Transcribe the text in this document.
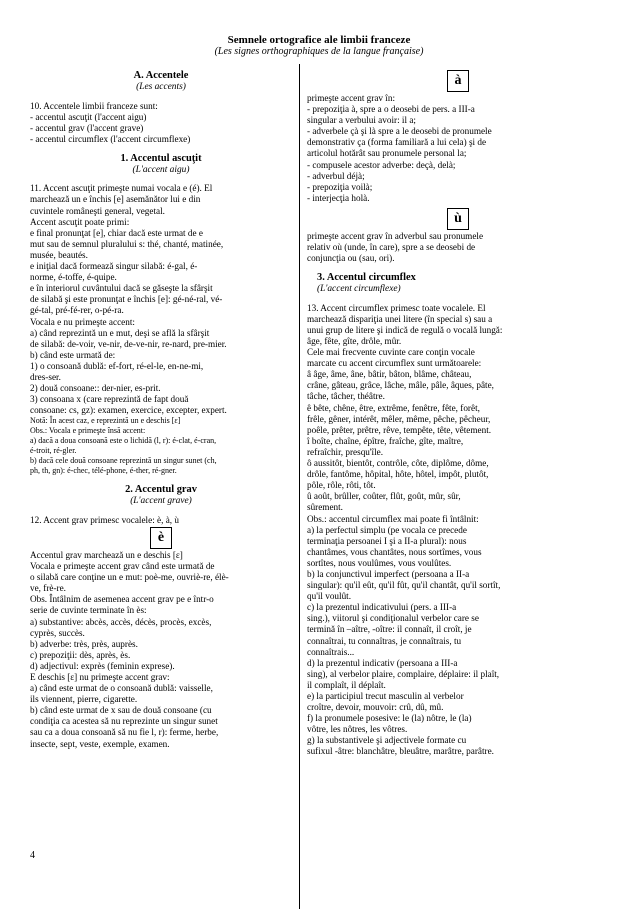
Semnele ortografice ale limbii franceze
(Les signes orthographiques de la langue française)
A. Accentele
(Les accents)
10. Accentele limbii franceze sunt:
- accentul ascuţit (l'accent aigu)
- accentul grav (l'accent grave)
- accentul circumflex (l'accent circumflexe)
1. Accentul ascuţit
(L'accent aigu)
11. Accent ascuţit primeşte numai vocala e (é). El
marchează un e închis [e] asemănător lui e din
cuvintele româneşti general, vegetal.
Accent ascuţit poate primi:
e final pronunţat [e], chiar dacă este urmat de e
mut sau de semnul pluralului s: thé, chanté, matinée,
musée, beautés.
e iniţial dacă formează singur silabă: é-gal, é-
norme, é-toffe, é-quipe.
e în interiorul cuvântului dacă se găseşte la sfârşit
de silabă şi este pronunţat e închis [e]: gé-né-ral, vé-
gé-tal, pré-fé-rer, o-pé-ra.
Vocala e nu primeşte accent:
a) când reprezintă un e mut, deşi se află la sfârşit
de silabă: de-voir, ve-nir, de-ve-nir, re-nard, pre-mier.
b) când este urmată de:
1) o consoană dublă: ef-fort, ré-el-le, en-ne-mi,
dres-ser.
2) două consoane:: der-nier, es-prit.
3) consoana x (care reprezintă de fapt două
consoane: cs, gz): examen, exercice, excepter, expert.
Notă: În acest caz, e reprezintă un e deschis [ɛ]
Obs.: Vocala e primeşte însă accent:
a) dacă a doua consoană este o lichidă (l, r): é-clat, é-cran,
é-troit, ré-gler.
b) dacă cele două consoane reprezintă un singur sunet (ch,
ph, th, gn): é-chec, télé-phone, é-ther, ré-gner.
2. Accentul grav
(L'accent grave)
12. Accent grav primesc vocalele: è, à, ù
è
Accentul grav marchează un e deschis [ɛ]
Vocala e primeşte accent grav când este urmată de
o silabă care conţine un e mut: poè-me, ouvriè-re, élè-
ve, frè-re.
Obs. Întâlnim de asemenea accent grav pe e într-o
serie de cuvinte terminate în ès:
a) substantive: abcès, accès, décès, procès, excès,
cyprès, succès.
b) adverbe: très, près, auprès.
c) prepoziţii: dès, après, ès.
d) adjectivul: exprès (feminin exprese).
E deschis [ɛ] nu primeşte accent grav:
a) când este urmat de o consoană dublă: vaisselle,
ils viennent, pierre, cigarette.
b) când este urmat de x sau de două consoane (cu
condiţia ca acestea să nu reprezinte un singur sunet
sau ca a doua consoană să nu fie l, r): ferme, herbe,
insecte, sept, veste, exemple, examen.
à
primeşte accent grav în:
- prepoziţia à, spre a o deosebi de pers. a III-a
singular a verbului avoir: il a;
- adverbele çà şi là spre a le deosebi de pronumele
demonstrativ ça (forma familiară a lui cela) şi de
articolul hotărât sau pronumele personal la;
- compusele acestor adverbe: deçà, delà;
- adverbul déjà;
- prepoziţia voilà;
- interjecţia holà.
ù
primeşte accent grav în adverbul sau pronumele
relativ où (unde, în care), spre a se deosebi de
conjuncţia ou (sau, ori).
3. Accentul circumflex
(L'accent circumflexe)
13. Accent circumflex primesc toate vocalele. El
marchează dispariţia unei litere (în special s) sau a
unui grup de litere şi indică de regulă o vocală lungă:
âge, fête, gîte, drôle, mûr.
Cele mai frecvente cuvinte care conţin vocale
marcate cu accent circumflex sunt următoarele:
â âge, âme, âne, bâtir, bâton, blâme, château,
crâne, gâteau, grâce, lâche, mâle, pâle, âques, pâte,
tâche, tâcher, théâtre.
ê bête, chêne, être, extrême, fenêtre, fête, forêt,
frêle, gêner, intérêt, mêler, même, pêche, pêcheur,
poêle, prêter, prêtre, rêve, tempête, tête, vêtement.
î boîte, chaîne, épître, fraîche, gîte, maître,
refraîchir, presqu'île.
ô aussitôt, bientôt, contrôle, côte, diplôme, dôme,
drôle, fantôme, hôpital, hôte, hôtel, impôt, plutôt,
pôle, rôle, rôti, tôt.
û août, brûller, coûter, flût, goût, mûr, sûr,
sûrement.
Obs.: accentul circumflex mai poate fi întâlnit:
a) la perfectul simplu (pe vocala ce precede
terminaţia persoanei I şi a II-a plural): nous
chantâmes, vous chantâtes, nous sortîmes, vous
sortîtes, nous voulûmes, vous voulûtes.
b) la conjunctivul imperfect (persoana a II-a
singular): qu'il eût, qu'il fût, qu'il chantât, qu'il sortît,
qu'il voulût.
c) la prezentul indicativului (pers. a III-a
sing.), viitorul şi condiţionalul verbelor care se
termină în –aître, -oître: il connaît, il croît, je
connaîtrai, tu connaîtras, je connaîtrais, tu
connaîtrais...
d) la prezentul indicativ (persoana a III-a
sing), al verbelor plaire, complaire, déplaire: il plaît,
il complaît, il déplaît.
e) la participiul trecut masculin al verbelor
croître, devoir, mouvoir: crû, dû, mû.
f) la pronumele posesive: le (la) nôtre, le (la)
vôtre, les nôtres, les vôtres.
g) la substantivele şi adjectivele formate cu
sufixul -âtre: blanchâtre, bleuâtre, marâtre, parâtre.
4
